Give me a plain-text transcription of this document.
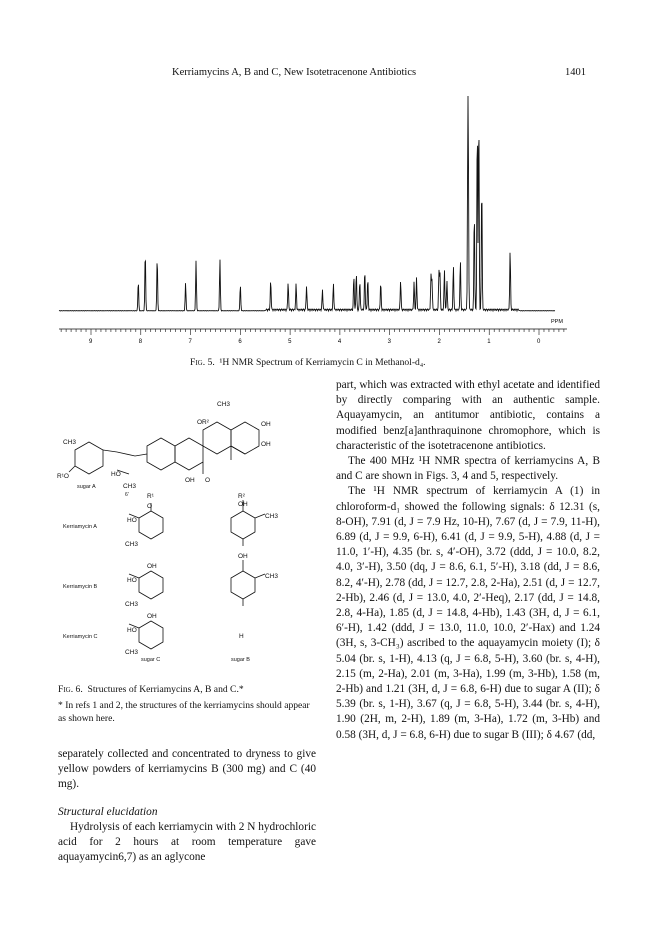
Kerriamycins A, B and C, New Isotetracenone Antibiotics	1401
PPM
9	8	7	6	5	4	3	2	1	0
Fig. 5. ¹H NMR Spectrum of Kerriamycin C in Methanol-d₄.
CH3
OH
OR²
OH
CH3
R¹O	HO
OH O
CH3
6'
sugar A
R¹	R²
O	OH
HO
CH3
CH3
Kerriamycin A
OH
OH
HO
CH3
CH3
Kerriamycin B
OH
HO
CH3
H
Kerriamycin C
sugar C	sugar B
Fig. 6. Structures of Kerriamycins A, B and C.*
* In refs 1 and 2, the structures of the kerriamycins should appear as shown here.

separately collected and concentrated to dryness to give yellow powders of kerriamycins B (300 mg) and C (40 mg).

Structural elucidation

Hydrolysis of each kerriamycin with 2 N hydrochloric acid for 2 hours at room temperature gave aquayamycin6,7) as an aglycone

part, which was extracted with ethyl acetate and identified by directly comparing with an authentic sample. Aquayamycin, an antitumor antibiotic, contains a modified benz[a]anthraquinone chromophore, which is characteristic of the isotetracenone antibiotics.

The 400 MHz ¹H NMR spectra of kerriamycins A, B and C are shown in Figs. 3, 4 and 5, respectively.

The ¹H NMR spectrum of kerriamycin A (1) in chloroform-d₁ showed the following signals: δ 12.31 (s, 8-OH), 7.91 (d, J = 7.9 Hz, 10-H), 7.67 (d, J = 7.9, 11-H), 6.89 (d, J = 9.9, 6-H), 6.41 (d, J = 9.9, 5-H), 4.88 (d, J = 11.0, 1′-H), 4.35 (br. s, 4′-OH), 3.72 (ddd, J = 10.0, 8.2, 4.0, 3′-H), 3.50 (dq, J = 8.6, 6.1, 5′-H), 3.18 (dd, J = 8.6, 8.2, 4′-H), 2.78 (dd, J = 12.7, 2.8, 2-Ha), 2.51 (d, J = 12.7, 2-Hb), 2.46 (d, J = 13.0, 4.0, 2′-Heq), 2.17 (dd, J = 14.8, 2.8, 4-Ha), 1.85 (d, J = 14.8, 4-Hb), 1.43 (3H, d, J = 6.1, 6′-H), 1.42 (ddd, J = 13.0, 11.0, 10.0, 2′-Hax) and 1.24 (3H, s, 3-CH₃) ascribed to the aquayamycin moiety (I); δ 5.04 (br. s, 1-H), 4.13 (q, J = 6.8, 5-H), 3.60 (br. s, 4-H), 2.15 (m, 2-Ha), 2.01 (m, 3-Ha), 1.99 (m, 3-Hb), 1.58 (m, 2-Hb) and 1.21 (3H, d, J = 6.8, 6-H) due to sugar A (II); δ 5.39 (br. s, 1-H), 3.67 (q, J = 6.8, 5-H), 3.44 (br. s, 4-H), 1.90 (2H, m, 2-H), 1.89 (m, 3-Ha), 1.72 (m, 3-Hb) and 0.58 (3H, d, J = 6.8, 6-H) due to sugar B (III); δ 4.67 (dd,
